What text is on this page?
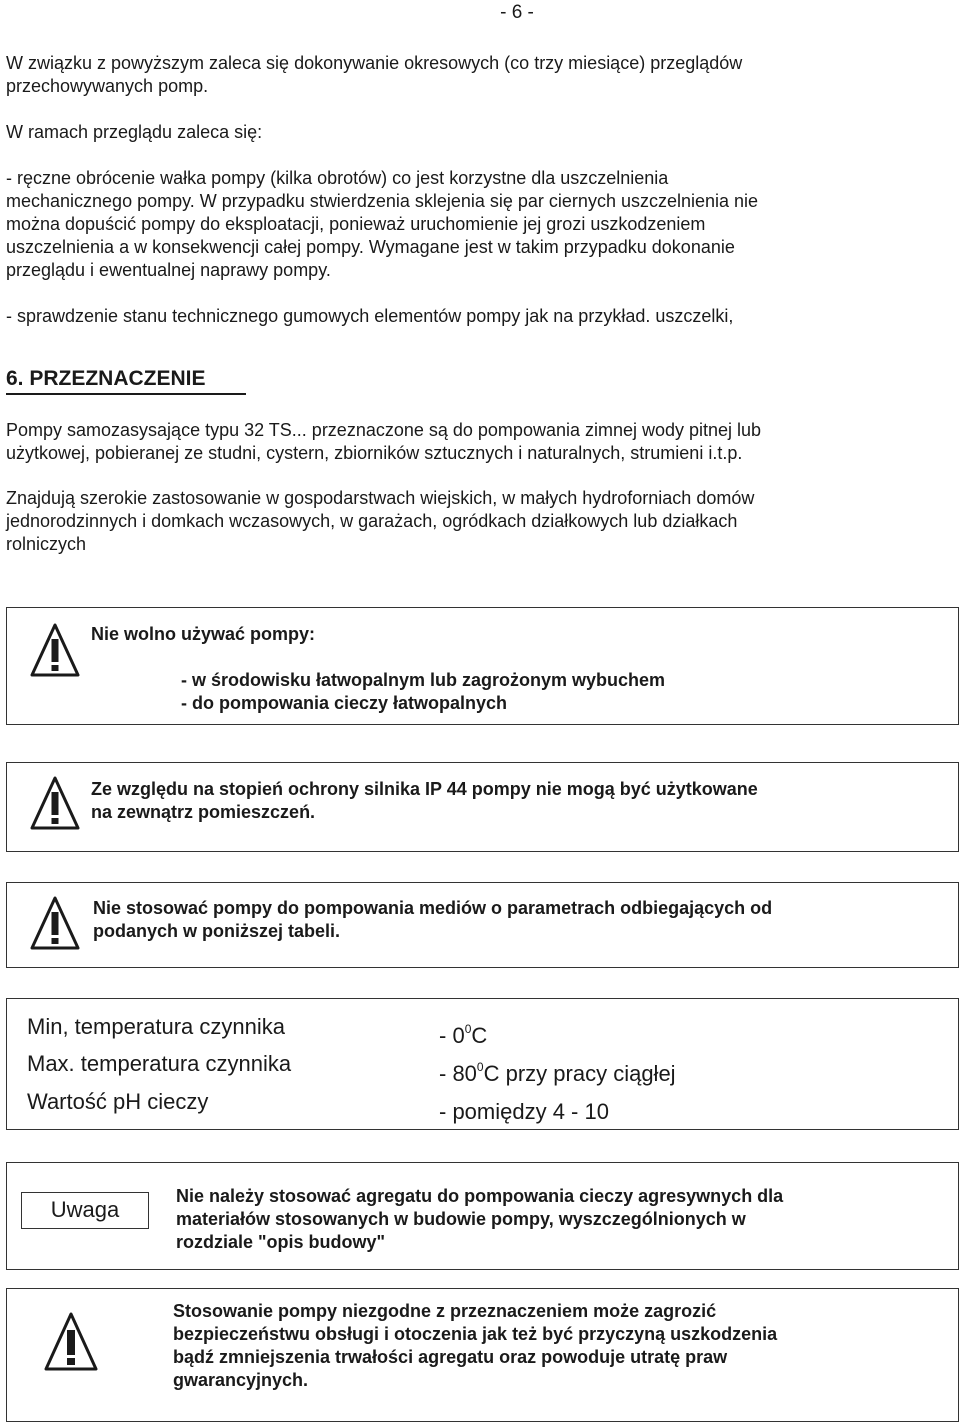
- 6 -
W związku z powyższym zaleca się dokonywanie okresowych (co trzy miesiące) przeglądów
przechowywanych pomp.
W ramach przeglądu zaleca się:
- ręczne obrócenie wałka pompy (kilka obrotów) co jest korzystne dla uszczelnienia
mechanicznego pompy. W przypadku stwierdzenia sklejenia się par ciernych uszczelnienia nie
można dopuścić pompy do eksploatacji, ponieważ uruchomienie jej grozi uszkodzeniem
uszczelnienia a w konsekwencji całej pompy. Wymagane jest w takim przypadku dokonanie
przeglądu i ewentualnej naprawy pompy.
- sprawdzenie stanu technicznego gumowych elementów pompy jak na przykład. uszczelki,
6. PRZEZNACZENIE
Pompy samozasysające typu 32 TS... przeznaczone są do pompowania zimnej wody pitnej lub
użytkowej, pobieranej ze studni, cystern, zbiorników sztucznych i naturalnych, strumieni i.t.p.
Znajdują szerokie zastosowanie w gospodarstwach wiejskich, w małych hydroforniach domów
jednorodzinnych i domkach wczasowych, w garażach, ogródkach działkowych lub działkach
rolniczych
Nie wolno używać pompy:
- w środowisku łatwopalnym lub zagrożonym wybuchem
- do pompowania cieczy łatwopalnych
Ze względu na stopień ochrony silnika IP 44 pompy nie mogą być użytkowane
na zewnątrz pomieszczeń.
Nie stosować pompy do pompowania mediów o parametrach odbiegających od
podanych w poniższej tabeli.
Min, temperatura czynnika	- $0^0C$
Max. temperatura czynnika	- $80^0C$ przy pracy ciągłej
Wartość pH cieczy	- pomiędzy 4 - 10
Uwaga
Nie należy stosować agregatu do pompowania cieczy agresywnych dla
materiałów stosowanych w budowie pompy, wyszczególnionych w
rozdziale "opis budowy"
Stosowanie pompy niezgodne z przeznaczeniem może zagrozić
bezpieczeństwu obsługi i otoczenia jak też być przyczyną uszkodzenia
bądź zmniejszenia trwałości agregatu oraz powoduje utratę praw
gwarancyjnych.
